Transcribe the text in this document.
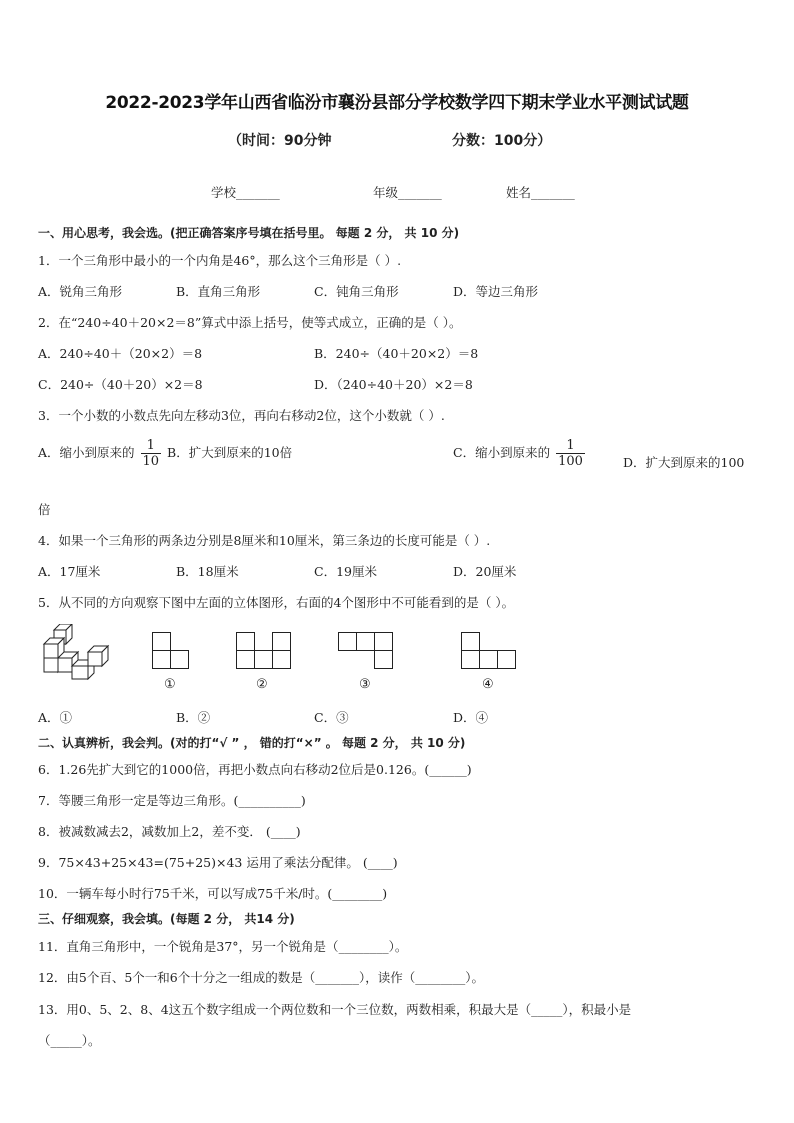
2022-2023学年山西省临汾市襄汾县部分学校数学四下期末学业水平测试试题
（时间：90分钟	分数：100分）
学校_______	年级_______	姓名_______
一、用心思考，我会选。(把正确答案序号填在括号里。 每题 2 分， 共 10 分)
1．一个三角形中最小的一个内角是46°，那么这个三角形是（ ）.
A．锐角三角形	B．直角三角形	C．钝角三角形	D．等边三角形
2．在“240÷40＋20×2＝8”算式中添上括号，使等式成立，正确的是（ ）。
A．240÷40＋（20×2）＝8	B．240÷（40＋20×2）＝8
C．240÷（40＋20）×2＝8	D．（240÷40＋20）×2＝8
3．一个小数的小数点先向左移动3位，再向右移动2位，这个小数就（ ）.
A．缩小到原来的 $\frac{1}{10}$ B．扩大到原来的10倍	C．缩小到原来的 $\frac{1}{100}$	D．扩大到原来的100
倍
4．如果一个三角形的两条边分别是8厘米和10厘米，第三条边的长度可能是（ ）.
A．17厘米	B．18厘米	C．19厘米	D．20厘米
5．从不同的方向观察下图中左面的立体图形，右面的4个图形中不可能看到的是（ ）。
①	②	③	④
A．①	B．②	C．③	D．④
二、认真辨析，我会判。(对的打“√ ” ， 错的打“×” 。 每题 2 分， 共 10 分)
6．1.26先扩大到它的1000倍，再把小数点向右移动2位后是0.126。(______)
7．等腰三角形一定是等边三角形。(__________)
8．被减数减去2，减数加上2，差不变． (____)
9．75×43+25×43=(75+25)×43 运用了乘法分配律。 (____)
10．一辆车每小时行75千米，可以写成75千米/时。(________)
三、仔细观察，我会填。(每题 2 分， 共14 分)
11．直角三角形中，一个锐角是37°，另一个锐角是（________）。
12．由5个百、5个一和6个十分之一组成的数是（_______），读作（________）。
13．用0、5、2、8、4这五个数字组成一个两位数和一个三位数，两数相乘，积最大是（_____），积最小是
（_____）。
